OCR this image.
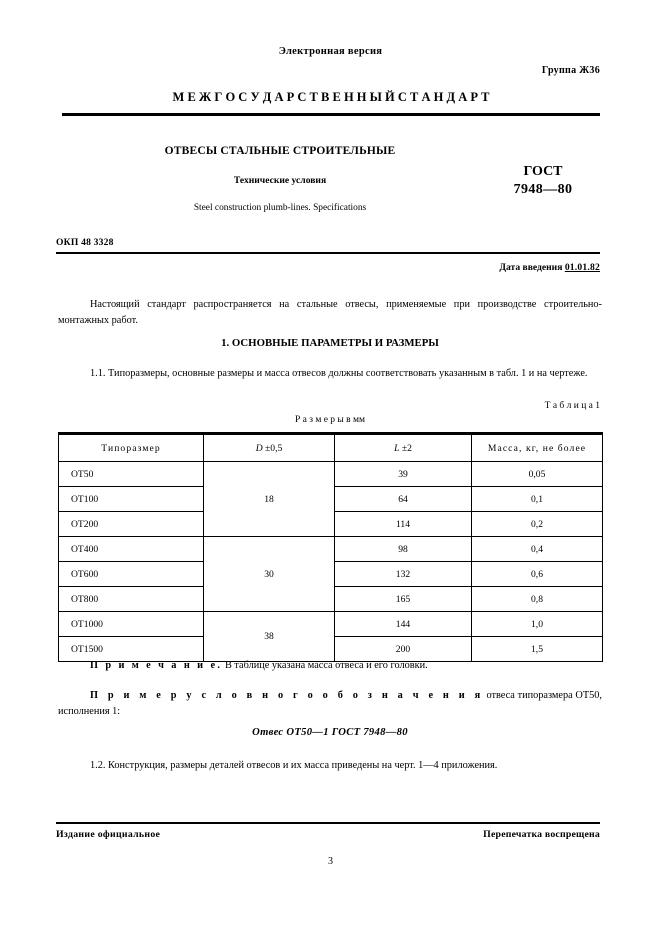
Электронная версия
Группа Ж36
М Е Ж Г О С У Д А Р С Т В Е Н Н Ы Й С Т А Н Д А Р Т
ОТВЕСЫ СТАЛЬНЫЕ СТРОИТЕЛЬНЫЕ
Технические условия
Steel construction plumb-lines. Specifications
ГОСТ
7948—80
ОКП 48 3328
Дата введения 01.01.82
Настоящий стандарт распространяется на стальные отвесы, применяемые при производстве строительно-монтажных работ.
1. ОСНОВНЫЕ ПАРАМЕТРЫ И РАЗМЕРЫ
1.1. Типоразмеры, основные размеры и масса отвесов должны соответствовать указанным в табл. 1 и на чертеже.
Т а б л и ц а 1
Р а з м е р ы в мм
Типоразмер	D ±0,5	L ±2	Масса, кг, не более
ОТ50	18	39	0,05
ОТ100		64	0,1
ОТ200		114	0,2
ОТ400	30	98	0,4
ОТ600		132	0,6
ОТ800		165	0,8
ОТ1000	38	144	1,0
ОТ1500		200	1,5
П р и м е ч а н и е. В таблице указана масса отвеса и его головки.
П р и м е р у с л о в н о г о о б о з н а ч е н и я отвеса типоразмера ОТ50, исполнения 1:
Отвес ОТ50—1 ГОСТ 7948—80
1.2. Конструкция, размеры деталей отвесов и их масса приведены на черт. 1—4 приложения.
Издание официальное	Перепечатка воспрещена
3
